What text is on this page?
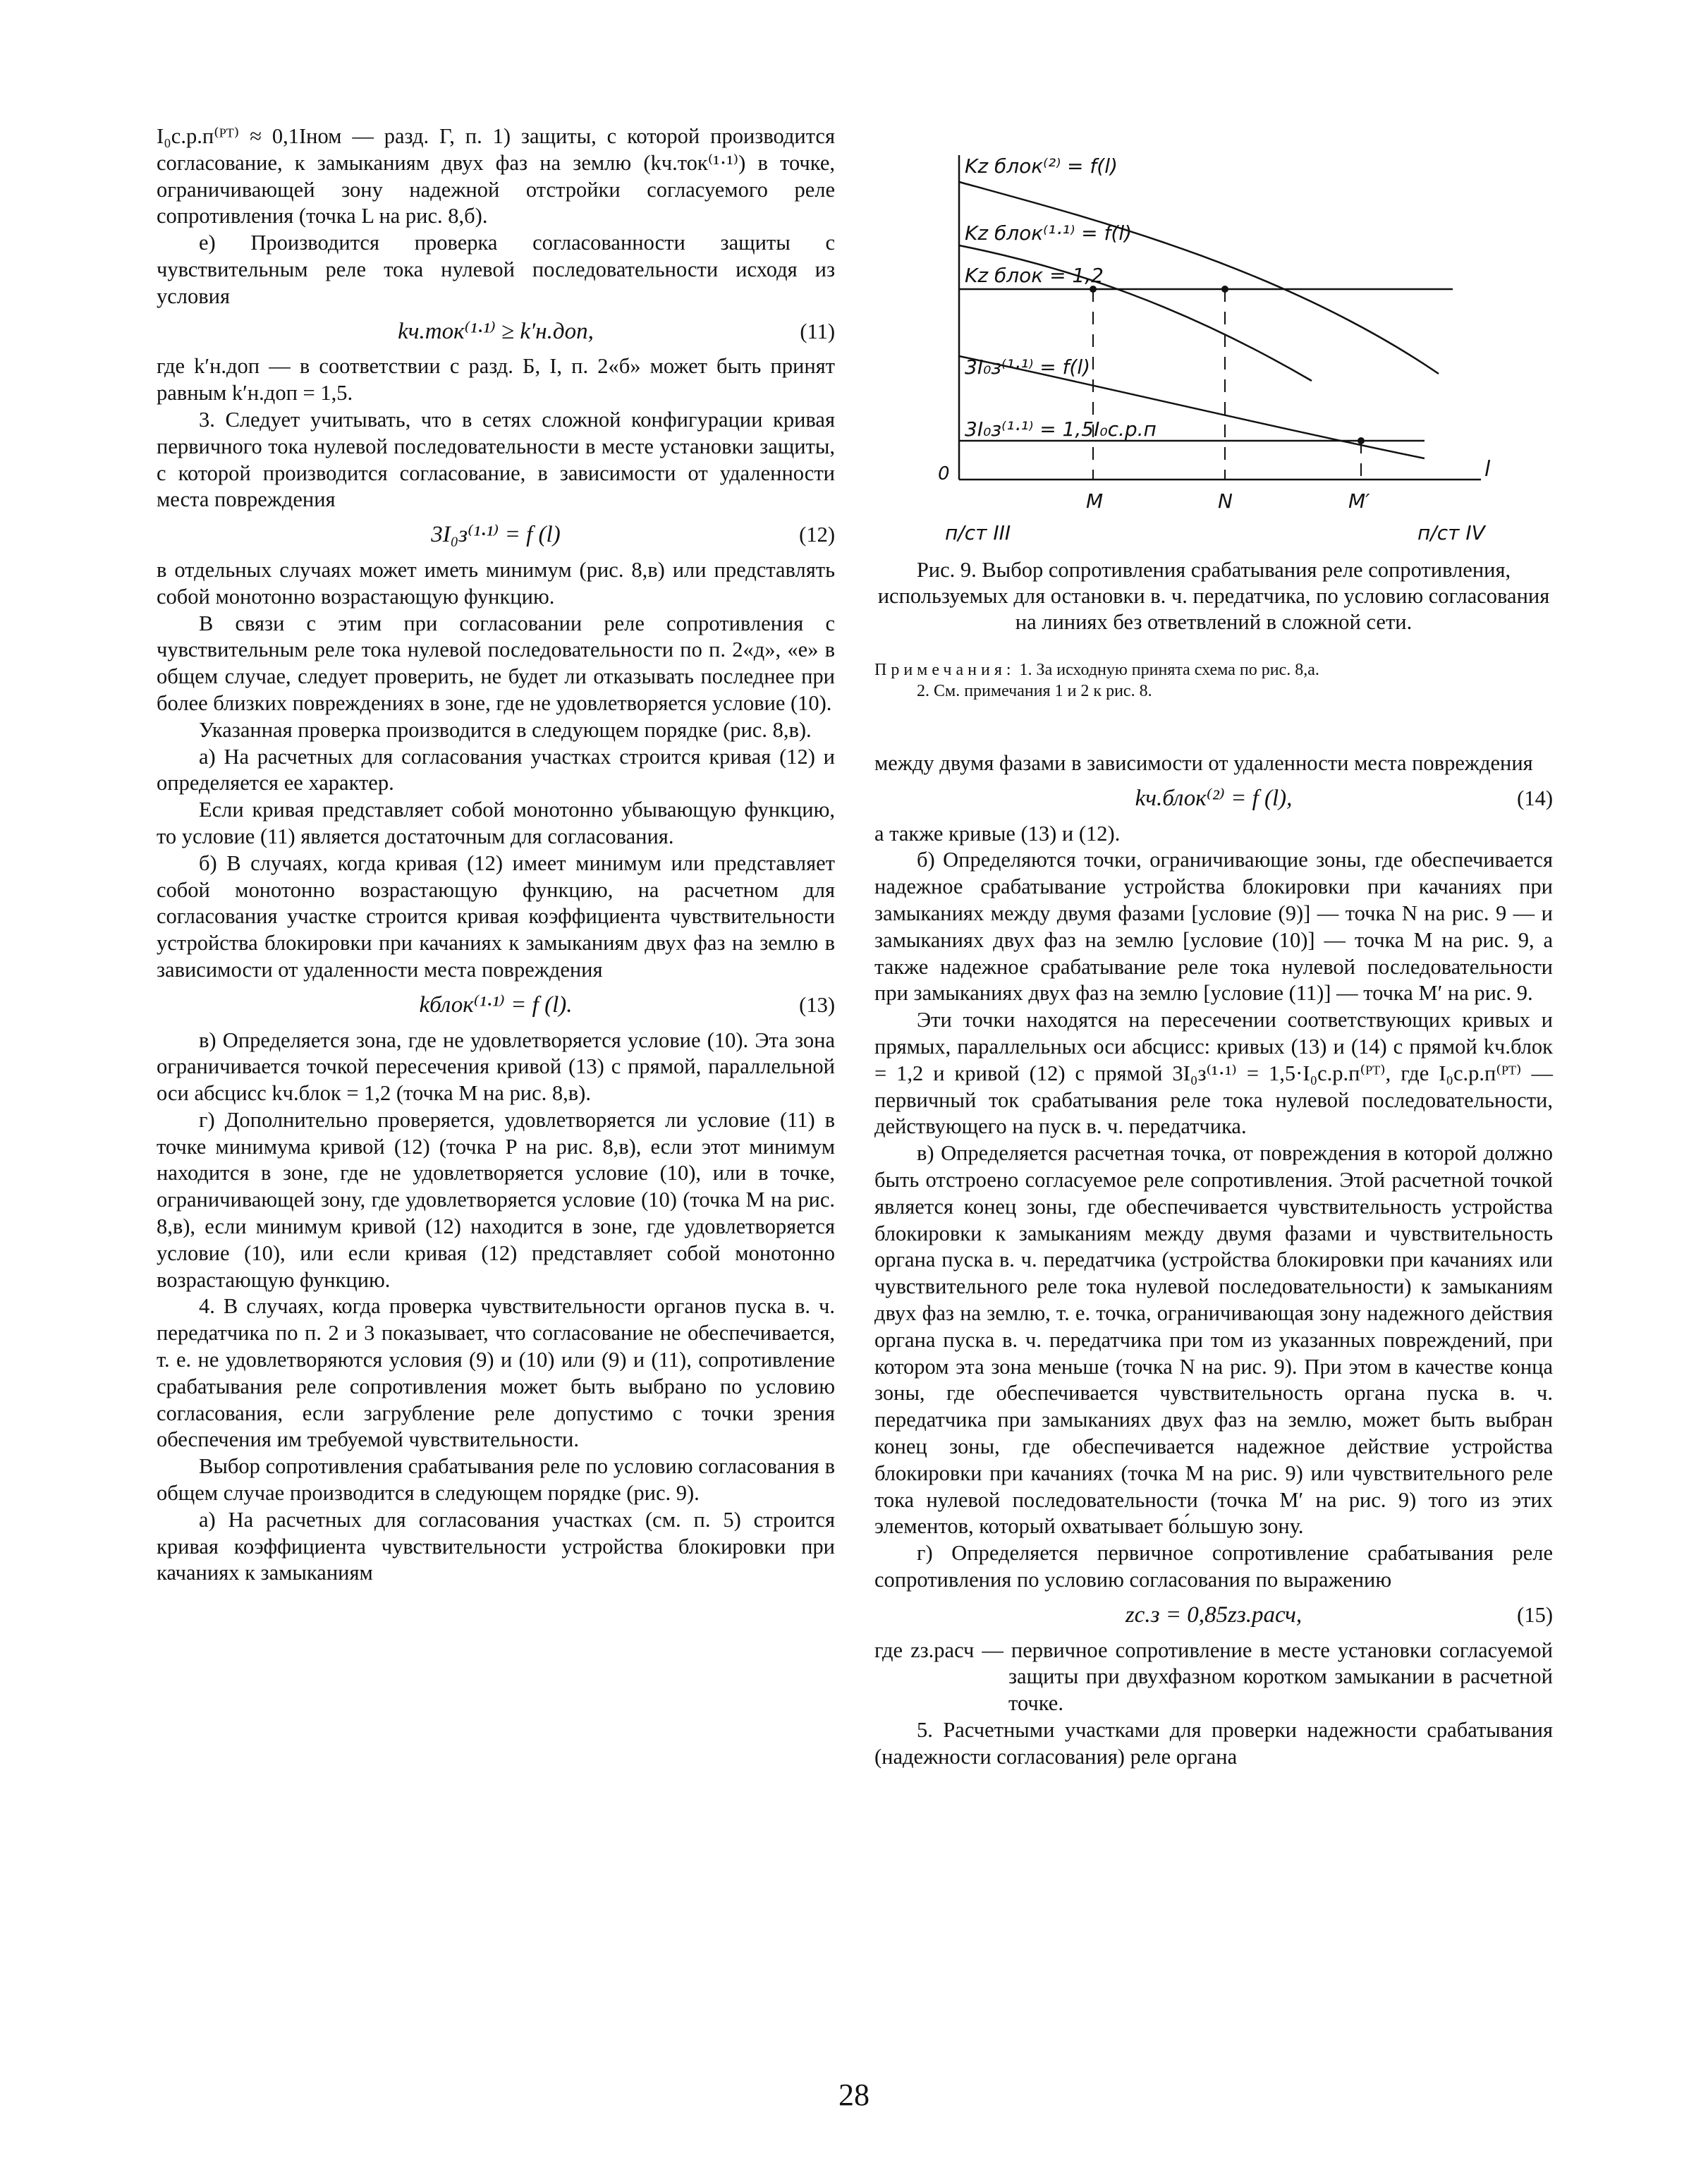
I₀с.р.п⁽ᴾᵀ⁾ ≈ 0,1Iном — разд. Г, п. 1) защиты, с которой производится согласование, к замыканиям двух фаз на землю (kч.ток⁽¹·¹⁾) в точке, ограничивающей зону надежной отстройки согласуемого реле сопротивления (точка L на рис. 8,б).

е) Производится проверка согласованности защиты с чувствительным реле тока нулевой последовательности исходя из условия

kч.ток⁽¹·¹⁾ ≥ k′н.доп,	(11)

где k′н.доп — в соответствии с разд. Б, I, п. 2«б» может быть принят равным k′н.доп = 1,5.

3. Следует учитывать, что в сетях сложной конфигурации кривая первичного тока нулевой последовательности в месте установки защиты, с которой производится согласование, в зависимости от удаленности места повреждения

3I₀з⁽¹·¹⁾ = f (l)	(12)

в отдельных случаях может иметь минимум (рис. 8,в) или представлять собой монотонно возрастающую функцию.

В связи с этим при согласовании реле сопротивления с чувствительным реле тока нулевой последовательности по п. 2«д», «е» в общем случае, следует проверить, не будет ли отказывать последнее при более близких повреждениях в зоне, где не удовлетворяется условие (10).

Указанная проверка производится в следующем порядке (рис. 8,в).

а) На расчетных для согласования участках строится кривая (12) и определяется ее характер.

Если кривая представляет собой монотонно убывающую функцию, то условие (11) является достаточным для согласования.

б) В случаях, когда кривая (12) имеет минимум или представляет собой монотонно возрастающую функцию, на расчетном для согласования участке строится кривая коэффициента чувствительности устройства блокировки при качаниях к замыканиям двух фаз на землю в зависимости от удаленности места повреждения

kблок⁽¹·¹⁾ = f (l).	(13)

в) Определяется зона, где не удовлетворяется условие (10). Эта зона ограничивается точкой пересечения кривой (13) с прямой, параллельной оси абсцисс kч.блок = 1,2 (точка M на рис. 8,в).

г) Дополнительно проверяется, удовлетворяется ли условие (11) в точке минимума кривой (12) (точка P на рис. 8,в), если этот минимум находится в зоне, где не удовлетворяется условие (10), или в точке, ограничивающей зону, где удовлетворяется условие (10) (точка M на рис. 8,в), если минимум кривой (12) находится в зоне, где удовлетворяется условие (10), или если кривая (12) представляет собой монотонно возрастающую функцию.

4. В случаях, когда проверка чувствительности органов пуска в. ч. передатчика по п. 2 и 3 показывает, что согласование не обеспечивается, т. е. не удовлетворяются условия (9) и (10) или (9) и (11), сопротивление срабатывания реле сопротивления может быть выбрано по условию согласования, если загрубление реле допустимо с точки зрения обеспечения им требуемой чувствительности.

Выбор сопротивления срабатывания реле по условию согласования в общем случае производится в следующем порядке (рис. 9).

а) На расчетных для согласования участках (см. п. 5) строится кривая коэффициента чувствительности устройства блокировки при качаниях к замыканиям

Kz блок⁽²⁾ = f(l)
Kz блок⁽¹·¹⁾ = f(l)
Kz блок = 1,2
3I₀з⁽¹·¹⁾ = f(l)
3I₀з⁽¹·¹⁾ = 1,5I₀с.р.п
0	l
M	N	M′
п/ст III	п/ст IV
Рис. 9. Выбор сопротивления срабатывания реле сопротивления, используемых для остановки в. ч. передатчика, по условию согласования на линиях без ответвлений в сложной сети.
Примечания: 1. За исходную принята схема по рис. 8,а.
2. См. примечания 1 и 2 к рис. 8.

между двумя фазами в зависимости от удаленности места повреждения

kч.блок⁽²⁾ = f (l),	(14)

а также кривые (13) и (12).

б) Определяются точки, ограничивающие зоны, где обеспечивается надежное срабатывание устройства блокировки при качаниях при замыканиях между двумя фазами [условие (9)] — точка N на рис. 9 — и замыканиях двух фаз на землю [условие (10)] — точка M на рис. 9, а также надежное срабатывание реле тока нулевой последовательности при замыканиях двух фаз на землю [условие (11)] — точка M′ на рис. 9.

Эти точки находятся на пересечении соответствующих кривых и прямых, параллельных оси абсцисс: кривых (13) и (14) с прямой kч.блок = 1,2 и кривой (12) с прямой 3I₀з⁽¹·¹⁾ = 1,5·I₀с.р.п⁽ᴾᵀ⁾, где I₀с.р.п⁽ᴾᵀ⁾ — первичный ток срабатывания реле тока нулевой последовательности, действующего на пуск в. ч. передатчика.

в) Определяется расчетная точка, от повреждения в которой должно быть отстроено согласуемое реле сопротивления. Этой расчетной точкой является конец зоны, где обеспечивается чувствительность устройства блокировки к замыканиям между двумя фазами и чувствительность органа пуска в. ч. передатчика (устройства блокировки при качаниях или чувствительного реле тока нулевой последовательности) к замыканиям двух фаз на землю, т. е. точка, ограничивающая зону надежного действия органа пуска в. ч. передатчика при том из указанных повреждений, при котором эта зона меньше (точка N на рис. 9). При этом в качестве конца зоны, где обеспечивается чувствительность органа пуска в. ч. передатчика при замыканиях двух фаз на землю, может быть выбран конец зоны, где обеспечивается надежное действие устройства блокировки при качаниях (точка M на рис. 9) или чувствительного реле тока нулевой последовательности (точка M′ на рис. 9) того из этих элементов, который охватывает бо́льшую зону.

г) Определяется первичное сопротивление срабатывания реле сопротивления по условию согласования по выражению

zс.з = 0,85zз.расч,	(15)

где zз.расч — первичное сопротивление в месте установки согласуемой защиты при двухфазном коротком замыкании в расчетной точке.

5. Расчетными участками для проверки надежности срабатывания (надежности согласования) реле органа

28
